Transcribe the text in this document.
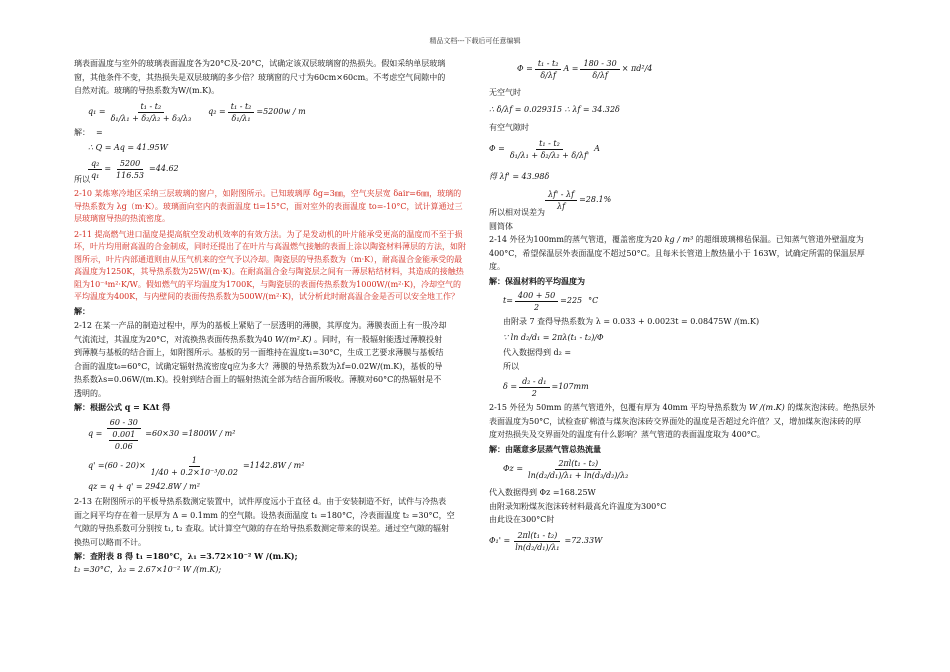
精品文档---下载后可任意编辑
璃表面温度与室外的玻璃表面温度各为20°C及-20°C，试确定该双层玻璃窗的热损失。假如采纳单层玻璃
窗，其他条件不变，其热损失是双层玻璃的多少倍？玻璃窗的尺寸为60cm×60cm。不考虑空气间隙中的
自然对流。玻璃的导热系数为W/(m.K)。
$q_1 = \frac{\text{t₁ - t₂}}{\text{δ₁/λ₁ + δ₂/λ₂ + δ₃/λ₃}} q_2 = \frac{\text{t₁ - t₂}}{\text{δ₁/λ₁}} =5200w / m$
解： =
∴ Q = Aq = 41.95W
$\frac{\text{q₂}}{\text{q₁}} = \frac{5200}{116.53} =44.62$
所以
2-10 某炼寒冷地区采纳三层玻璃的窗户，如附图所示。已知玻璃厚 δg=3㎜，空气夹层宽 δair=6㎜，玻璃的导热系数为 λg（m·K）。玻璃面向室内的表面温度 ti=15°C，面对室外的表面温度 to=-10°C，试计算通过三层玻璃窗导热的热流密度。
2-11 提高燃气进口温度是提高航空发动机效率的有效方法。为了是发动机的叶片能承受更高的温度而不至于损坏，叶片均用耐高温的合金制成，同时还提出了在叶片与高温燃气接触的表面上涂以陶瓷材料薄层的方法，如附图所示，叶片内部通道则由从压气机来的空气予以冷却。陶瓷层的导热系数为（m·K），耐高温合金能承受的最高温度为1250K，其导热系数为25W/(m·K)。在耐高温合金与陶瓷层之间有一薄层粘结材料，其造成的接触热阻为10⁻⁴m²·K/W。假如燃气的平均温度为1700K，与陶瓷层的表面传热系数为1000W/(m²·K)，冷却空气的平均温度为400K，与内壁间的表面传热系数为500W/(m²·K)，试分析此时耐高温合金是否可以安全地工作？
解：
2-12 在某一产品的制造过程中，厚为的基板上紧贴了一层透明的薄膜，其厚度为。薄膜表面上有一股冷却
气流流过，其温度为20°C，对流换热表面传热系数为40 W/(m².K) 。同时，有一股辐射能透过薄膜投射
到薄膜与基板的结合面上，如附图所示。基板的另一面维持在温度t₁=30°C，生成工艺要求薄膜与基板结
合面的温度t₀=60°C，试确定辐射热流密度q应为多大？薄膜的导热系数为λf=0.02W/(m.K)，基板的导
热系数λs=0.06W/(m.K)。投射到结合面上的辐射热流全部为结合面所吸收。薄膜对60°C的热辐射是不
透明的。
解：根据公式 q = KΔt 得
$q = \frac{60 - 30}{\frac{0.001}{0.06}} =60\times 30 =1800W / m^2$
$q' =(60 - 20)\times \frac{1}{\text{1/40 + 0.2×10⁻³/0.02}} =1142.8W / m^2$
qz = q + q' = 2942.8W / m²
2-13 在附图所示的平板导热系数测定装置中，试件厚度远小于直径 d。由于安装制造不好，试件与冷热表
面之间平均存在着一层厚为 Δ = 0.1mm 的空气隙。设热表面温度 t₁ =180°C，冷表面温度 t₂ =30°C，空
气隙的导热系数可分别按 t₁, t₂ 查取。试计算空气隙的存在给导热系数测定带来的误差。通过空气隙的辐射
换热可以略而不计。
解：查附表 8 得 t₁ =180°C，λ₁ =3.72×10⁻² W /(m.K);
t₂ =30°C，λ₂ = 2.67×10⁻² W /(m.K);
$\Phi = \frac{\text{t₁ - t₂}}{\delta/\lambda f}$ $A = \frac{180 - 30}{\delta/\lambda f} \times \pi d^2/4$
无空气时
∴ δ/λf = 0.029315 ∴ λf = 34.32δ
有空气隙时
$\Phi = \frac{\text{t₁ - t₂}}{\text{δ₁/λ₁ + δ₂/λ₂ + δ/λf'}}$ A
得 λf' = 43.98δ
$\frac{\lambda f' - \lambda f}{\lambda f} =28.1\%$
所以相对误差为
圆筒体
2-14 外径为100mm的蒸气管道，覆盖密度为20 kg / m³ 的超细玻璃棉毡保温。已知蒸气管道外壁温度为
400°C，希望保温层外表面温度不超过50°C。且每米长管道上散热量小于 163W，试确定所需的保温层厚
度。
解：保温材料的平均温度为
$t= \frac{400 + 50}{2} =225$ °C
由附录 7 查得导热系数为 λ = 0.033 + 0.0023t = 0.08475W /(m.K)
∵ ln d₂/d₁ = 2πλ(t₁ - t₂)/Φ
代入数据得到 d₂ =
所以
$\delta = \frac{\text{d₂ - d₁}}{2} =107mm$
2-15 外径为 50mm 的蒸气管道外，包覆有厚为 40mm 平均导热系数为 W /(m.K) 的煤灰泡沫砖。绝热层外
表面温度为50°C，试检查矿棉渣与煤灰泡沫砖交界面处的温度是否超过允许值？又，增加煤灰泡沫砖的厚
度对热损失及交界面处的温度有什么影响？蒸气管道的表面温度取为 400°C。
解：由题意多层蒸气管总热流量
$\Phi z = \frac{\text{2πl(t₁ - t₂)}}{\text{ln(d₂/d₁)/λ₁ + ln(d₃/d₂)/λ₂}}$
代入数据得到 Φz =168.25W
由附录知粉煤灰泡沫砖材料最高允许温度为300°C
由此设在300°C时
$\Phi_1' = \frac{\text{2πl(t₁ - t₂)}}{\text{ln(d₂/d₁)/λ₁}} =72.33W$
